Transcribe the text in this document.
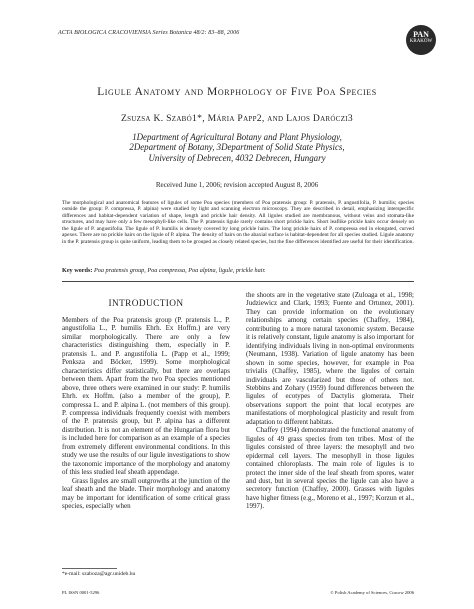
ACTA BIOLOGICA CRACOVIENSIA Series Botanica 48/2: 83–88, 2006	PAN
KRAKÓW
Ligule Anatomy and Morphology of Five Poa Species
Zsuzsa K. Szabó1*, Mária Papp2, and Lajos Daróczi3
1Department of Agricultural Botany and Plant Physiology,
2Department of Botany, 3Department of Solid State Physics,
University of Debrecen, 4032 Debrecen, Hungary
Received June 1, 2006; revision accepted August 8, 2006
The morphological and anatomical features of ligules of some Poa species (members of Poa pratensis group: P. pratensis, P. angustifolia, P. humilis; species outside the group: P. compressa, P. alpina) were studied by light and scanning electron microscopy. They are described in detail, emphasizing interspecific differences and habitat-dependent variation of shape, length and prickle hair density. All ligules studied are membranous, without veins and stomata-like structures, and may have only a few mesophyll-like cells. The P. pratensis ligule rarely contains short prickle hairs. Short leaflike prickle hairs occur densely on the ligule of P. angustifolia. The ligule of P. humilis is densely covered by long prickle hairs. The long prickle hairs of P. compressa end in elongated, curved apexes. There are no prickle hairs on the ligule of P. alpina. The density of hairs on the abaxial surface is habitat-dependent for all species studied. Ligule anatomy in the P. pratensis group is quite uniform, leading them to be grouped as closely related species, but the fine differences identified are useful for their identification.
Key words: Poa pratensis group, Poa compressa, Poa alpina, ligule, prickle hair.
INTRODUCTION

Members of the Poa pratensis group (P. pratensis L., P. angustifolia L., P. humilis Ehrh. Ex Hoffm.) are very similar morphologically. There are only a few characteristics distinguishing them, especially in P. pratensis L. and P. angustifolia L. (Papp et al., 1999; Penksza and Böcker, 1999). Some morphological characteristics differ statistically, but there are overlaps between them. Apart from the two Poa species mentioned above, three others were examined in our study: P. humilis Ehrh. ex Hoffm. (also a member of the group), P. compressa L. and P. alpina L. (not members of this group). P. compressa individuals frequently coexist with members of the P. pratensis group, but P. alpina has a different distribution. It is not an element of the Hungarian flora but is included here for comparison as an example of a species from extremely different environmental conditions. In this study we use the results of our ligule investigations to show the taxonomic importance of the morphology and anatomy of this less studied leaf sheath appendage.

Grass ligules are small outgrowths at the junction of the leaf sheath and the blade. Their morphology and anatomy may be important for identification of some critical grass species, especially when

the shoots are in the vegetative state (Zuloaga et al., 1998; Judziewicz and Clark, 1993; Fuente and Ortunez, 2001). They can provide information on the evolutionary relationships among certain species (Chaffey, 1984), contributing to a more natural taxonomic system. Because it is relatively constant, ligule anatomy is also important for identifying individuals living in non-optimal environments (Neumann, 1938). Variation of ligule anatomy has been shown in some species, however, for example in Poa trivialis (Chaffey, 1985), where the ligules of certain individuals are vascularized but those of others not. Stebbins and Zohary (1959) found differences between the ligules of ecotypes of Dactylis glomerata. Their observations support the point that local ecotypes are manifestations of morphological plasticity and result from adaptation to different habitats.

Chaffey (1994) demonstrated the functional anatomy of ligules of 49 grass species from ten tribes. Most of the ligules consisted of three layers: the mesophyll and two epidermal cell layers. The mesophyll in those ligules contained chloroplasts. The main role of ligules is to protect the inner side of the leaf sheath from spores, water and dust, but in several species the ligule can also have a secretory function (Chaffey, 2000). Grasses with ligules have higher fitness (e.g., Moreno et al., 1997; Korzun et al., 1997).

*e-mail: szaboza@agr.unideb.hu
PL ISSN 0001-5296	© Polish Academy of Sciences, Cracow 2006
